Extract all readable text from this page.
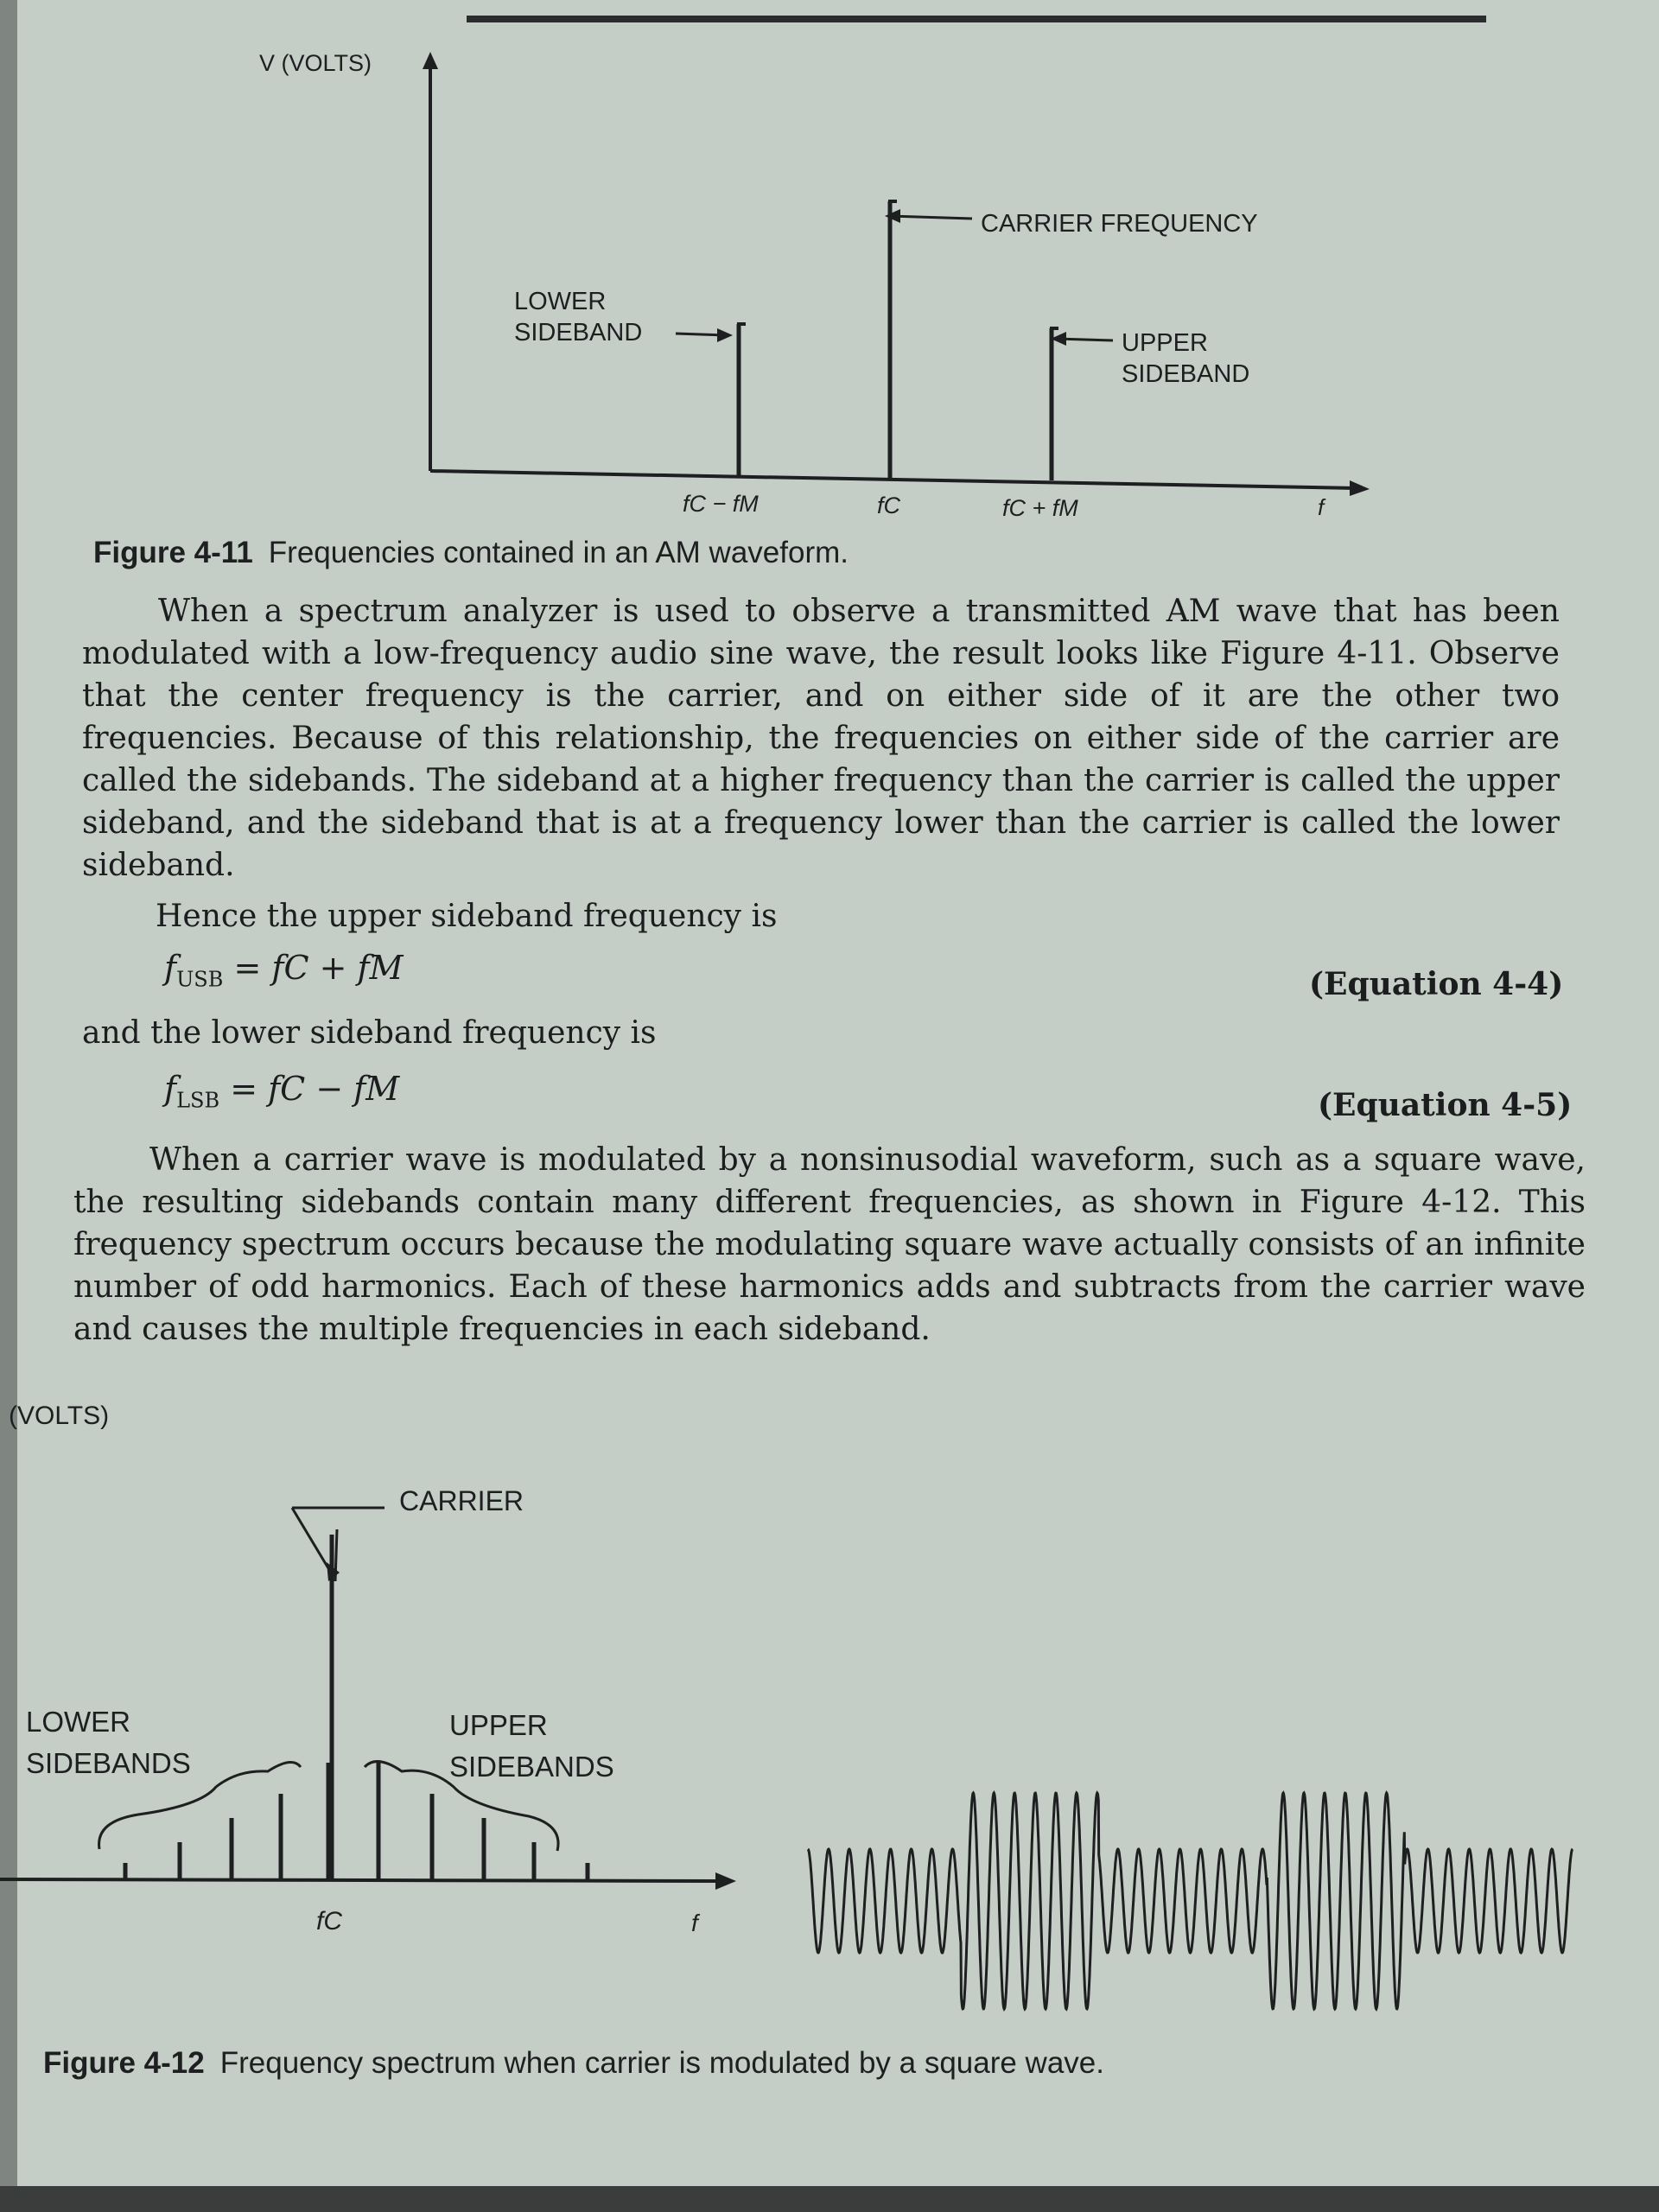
V (VOLTS)
f
LOWER
SIDEBAND
CARRIER FREQUENCY
UPPER
SIDEBAND
fC − fM	fC	fC + fM
Figure 4-11 Frequencies contained in an AM waveform.

When a spectrum analyzer is used to observe a transmitted AM wave that has been modulated with a low-frequency audio sine wave, the result looks like Figure 4-11. Observe that the center frequency is the carrier, and on either side of it are the other two frequencies. Because of this relationship, the frequencies on either side of the carrier are called the sidebands. The sideband at a higher frequency than the carrier is called the upper sideband, and the sideband that is at a frequency lower than the carrier is called the lower sideband.

Hence the upper sideband frequency is
$f_{USB}$ = fC + fM	(Equation 4-4)
and the lower sideband frequency is
$f_{LSB}$ = fC − fM	(Equation 4-5)

When a carrier wave is modulated by a nonsinusodial waveform, such as a square wave, the resulting sidebands contain many different frequencies, as shown in Figure 4-12. This frequency spectrum occurs because the modulating square wave actually consists of an infinite number of odd harmonics. Each of these harmonics adds and subtracts from the carrier wave and causes the multiple frequencies in each sideband.

(VOLTS)
f
fC
CARRIER
LOWER
SIDEBANDS
UPPER
SIDEBANDS
Figure 4-12 Frequency spectrum when carrier is modulated by a square wave.
